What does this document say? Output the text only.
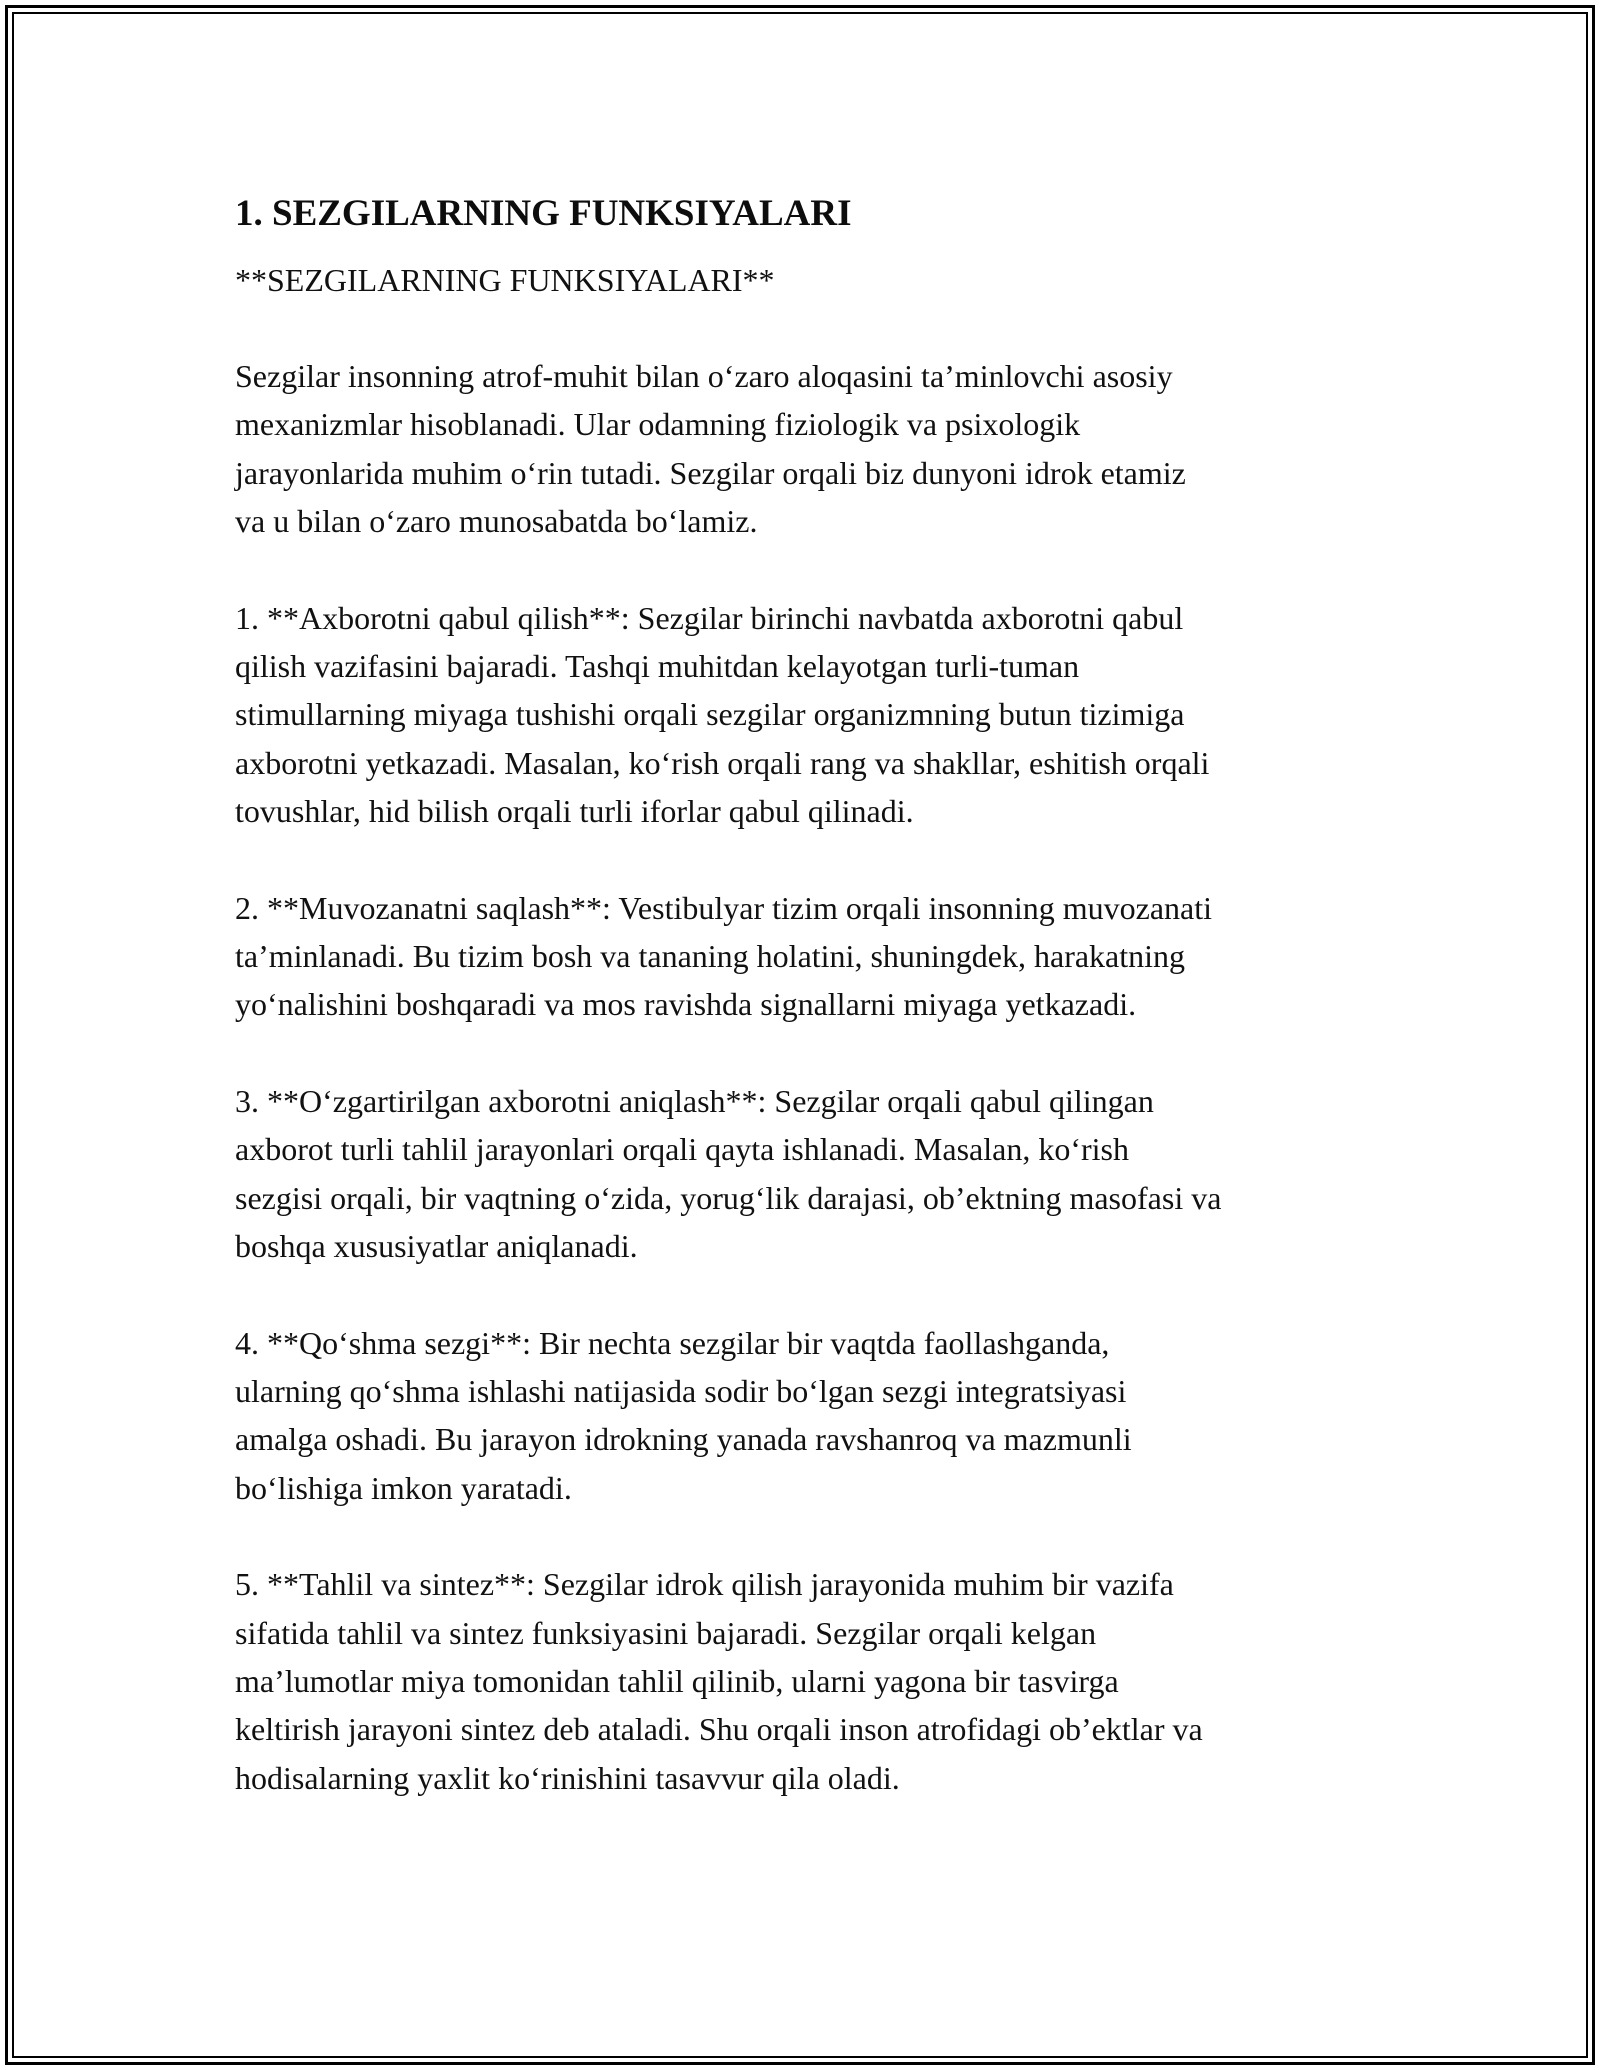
1. SEZGILARNING FUNKSIYALARI

**SEZGILARNING FUNKSIYALARI**

Sezgilar insonning atrof-muhit bilan o‘zaro aloqasini ta’minlovchi asosiy
mexanizmlar hisoblanadi. Ular odamning fiziologik va psixologik
jarayonlarida muhim o‘rin tutadi. Sezgilar orqali biz dunyoni idrok etamiz
va u bilan o‘zaro munosabatda bo‘lamiz.

1. **Axborotni qabul qilish**: Sezgilar birinchi navbatda axborotni qabul
qilish vazifasini bajaradi. Tashqi muhitdan kelayotgan turli-tuman
stimullarning miyaga tushishi orqali sezgilar organizmning butun tizimiga
axborotni yetkazadi. Masalan, ko‘rish orqali rang va shakllar, eshitish orqali
tovushlar, hid bilish orqali turli iforlar qabul qilinadi.

2. **Muvozanatni saqlash**: Vestibulyar tizim orqali insonning muvozanati
ta’minlanadi. Bu tizim bosh va tananing holatini, shuningdek, harakatning
yo‘nalishini boshqaradi va mos ravishda signallarni miyaga yetkazadi.

3. **O‘zgartirilgan axborotni aniqlash**: Sezgilar orqali qabul qilingan
axborot turli tahlil jarayonlari orqali qayta ishlanadi. Masalan, ko‘rish
sezgisi orqali, bir vaqtning o‘zida, yorug‘lik darajasi, ob’ektning masofasi va
boshqa xususiyatlar aniqlanadi.

4. **Qo‘shma sezgi**: Bir nechta sezgilar bir vaqtda faollashganda,
ularning qo‘shma ishlashi natijasida sodir bo‘lgan sezgi integratsiyasi
amalga oshadi. Bu jarayon idrokning yanada ravshanroq va mazmunli
bo‘lishiga imkon yaratadi.

5. **Tahlil va sintez**: Sezgilar idrok qilish jarayonida muhim bir vazifa
sifatida tahlil va sintez funksiyasini bajaradi. Sezgilar orqali kelgan
ma’lumotlar miya tomonidan tahlil qilinib, ularni yagona bir tasvirga
keltirish jarayoni sintez deb ataladi. Shu orqali inson atrofidagi ob’ektlar va
hodisalarning yaxlit ko‘rinishini tasavvur qila oladi.
